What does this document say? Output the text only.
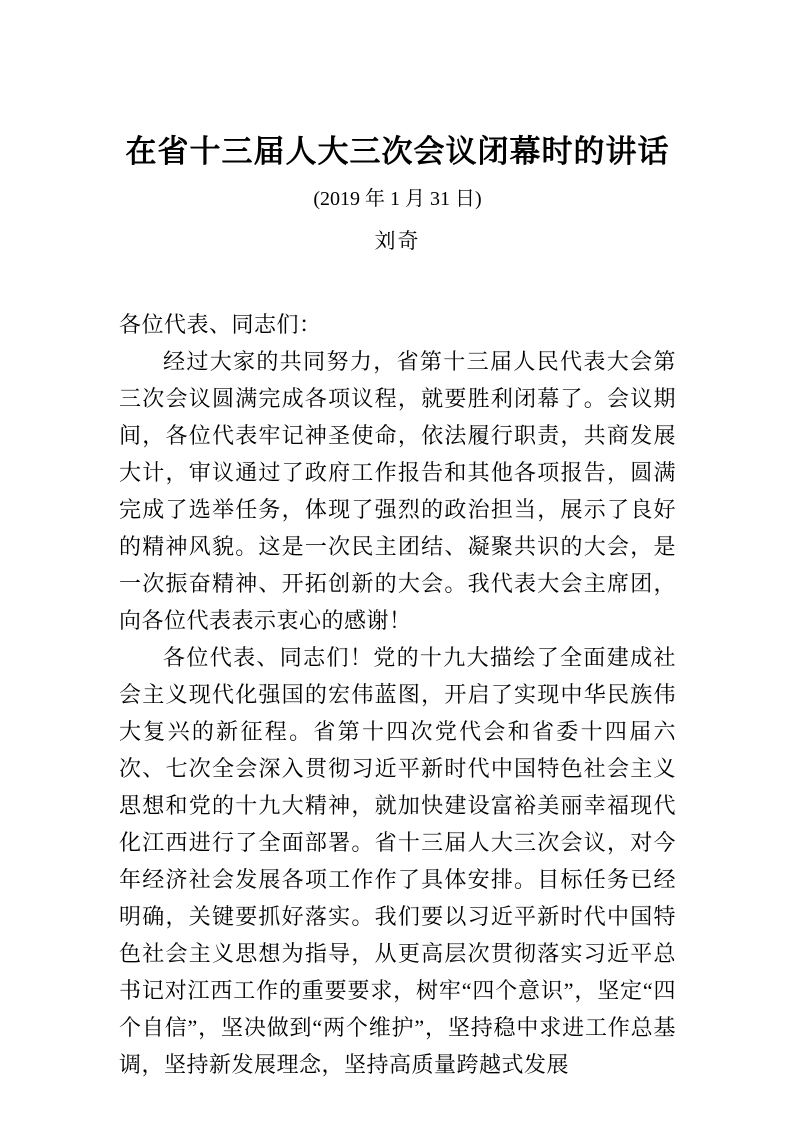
在省十三届人大三次会议闭幕时的讲话
(2019 年 1 月 31 日)
刘奇

各位代表、同志们：

经过大家的共同努力，省第十三届人民代表大会第三次会议圆满完成各项议程，就要胜利闭幕了。会议期间，各位代表牢记神圣使命，依法履行职责，共商发展大计，审议通过了政府工作报告和其他各项报告，圆满完成了选举任务，体现了强烈的政治担当，展示了良好的精神风貌。这是一次民主团结、凝聚共识的大会，是一次振奋精神、开拓创新的大会。我代表大会主席团，向各位代表表示衷心的感谢！

各位代表、同志们！党的十九大描绘了全面建成社会主义现代化强国的宏伟蓝图，开启了实现中华民族伟大复兴的新征程。省第十四次党代会和省委十四届六次、七次全会深入贯彻习近平新时代中国特色社会主义思想和党的十九大精神，就加快建设富裕美丽幸福现代化江西进行了全面部署。省十三届人大三次会议，对今年经济社会发展各项工作作了具体安排。目标任务已经明确，关键要抓好落实。我们要以习近平新时代中国特色社会主义思想为指导，从更高层次贯彻落实习近平总书记对江西工作的重要要求，树牢“四个意识”，坚定“四个自信”，坚决做到“两个维护”，坚持稳中求进工作总基调，坚持新发展理念，坚持高质量跨越式发展
